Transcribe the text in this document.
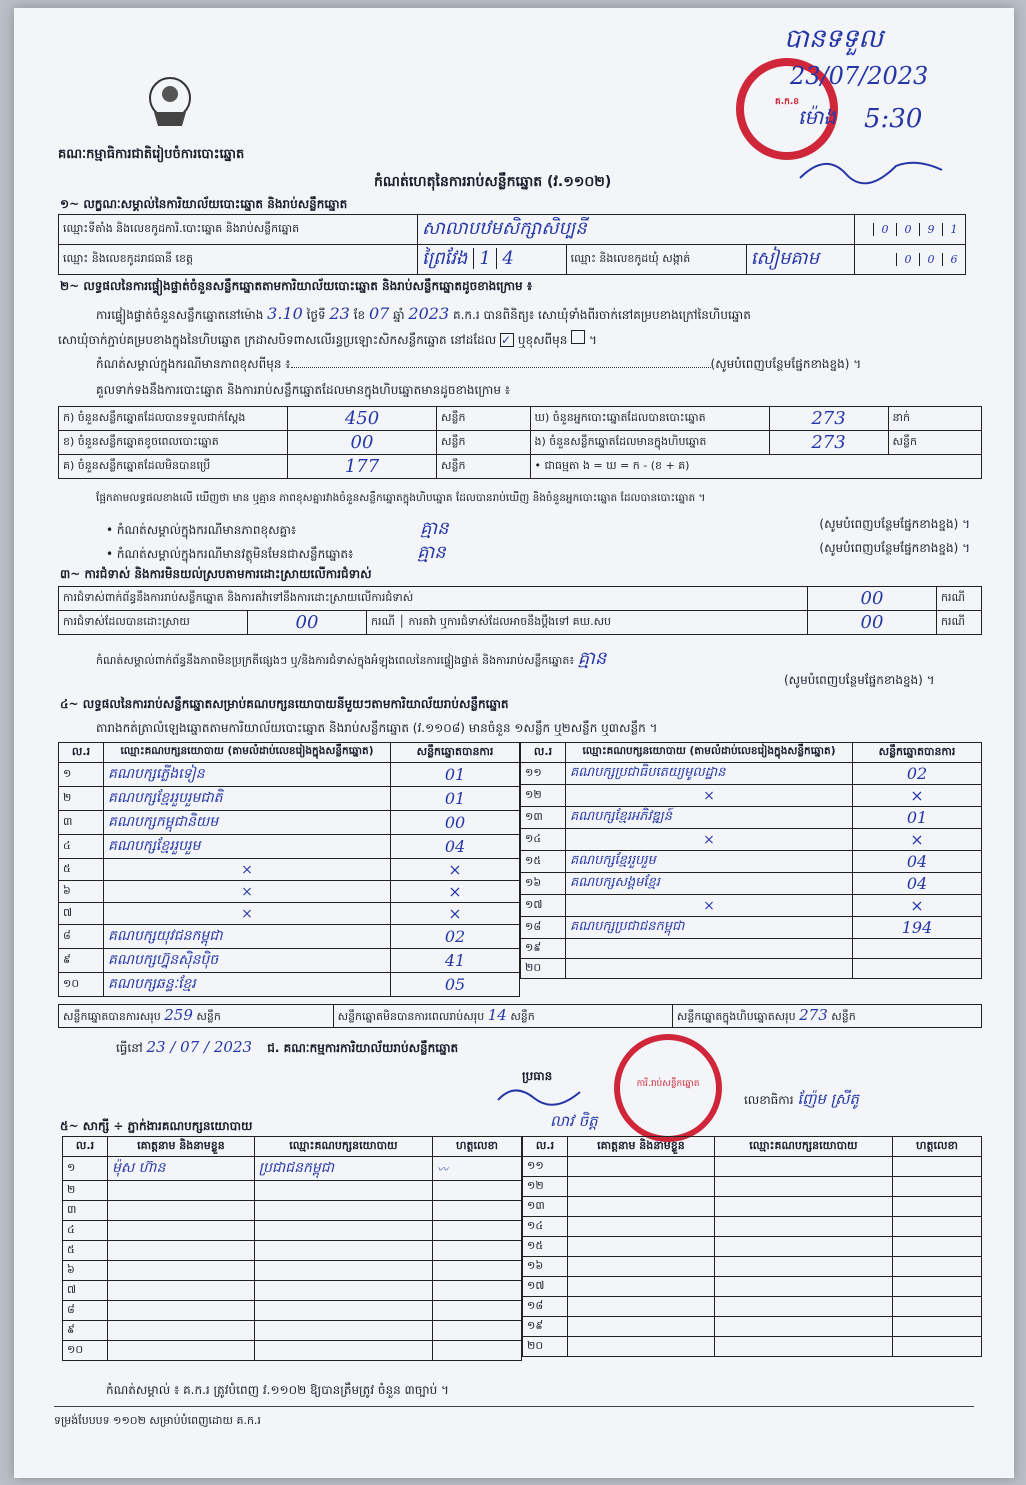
គណៈកម្មាធិការជាតិរៀបចំការបោះឆ្នោត
គ.ក.ខ
បានទទួល
23/07/2023
ម៉ោង 5:30
កំណត់ហេតុនៃការរាប់សន្លឹកឆ្នោត (វ.១១០២)
១~ លក្ខណៈសម្គាល់នៃការិយាល័យបោះឆ្នោត និងរាប់សន្លឹកឆ្នោត
ឈ្មោះទីតាំង និងលេខកូដការិ.បោះឆ្នោត និងរាប់សន្លឹកឆ្នោត	សាលាបឋមសិក្សាសិប្បនី			0 0 9 1
ឈ្មោះ និងលេខកូដរាជធានី ខេត្ត	ព្រៃវែង 1 4	ឈ្មោះ និងលេខកូដឃុំ សង្កាត់	សៀមគាម	0 0 6
២~ លទ្ធផលនៃការផ្ទៀងផ្ទាត់ចំនួនសន្លឹកឆ្នោតតាមការិយាល័យបោះឆ្នោត និងរាប់សន្លឹកឆ្នោតដូចខាងក្រោម ៖
ការផ្ទៀងផ្ទាត់ចំនួនសន្លឹកឆ្នោតនៅម៉ោង 3.10 ថ្ងៃទី 23 ខែ 07 ឆ្នាំ 2023 គ.ក.រ បានពិនិត្យ៖ សោឃុំទាំងពីរចាក់នៅគម្របខាងក្រៅនៃហិបឆ្នោត
សោឃុំចាក់ភ្ជាប់គម្របខាងក្នុងនៃហិបឆ្នោត ក្រដាសបិទពាសលើរន្ធប្រឡោះសិកសន្លឹកឆ្នោត នៅដដែល ✓ ឬខុសពីមុន  ។
កំណត់សម្គាល់ក្នុងករណីមានភាពខុសពីមុន ៖	(សូមបំពេញបន្ថែមផ្នែកខាងខ្នង) ។
គួលទាក់ទងនឹងការបោះឆ្នោត និងការរាប់សន្លឹកឆ្នោតដែលមានក្នុងហិបឆ្នោតមានដូចខាងក្រោម ៖
ក) ចំនួនសន្លឹកឆ្នោតដែលបានទទួលជាក់ស្តែង	450	សន្លឹក	ឃ) ចំនួនអ្នកបោះឆ្នោតដែលបានបោះឆ្នោត	273	នាក់
ខ) ចំនួនសន្លឹកឆ្នោតខូចពេលបោះឆ្នោត	00	សន្លឹក	ង) ចំនួនសន្លឹកឆ្នោតដែលមានក្នុងហិបឆ្នោត	273	សន្លឹក
គ) ចំនួនសន្លឹកឆ្នោតដែលមិនបានប្រើ	177	សន្លឹក	• ជាធម្មតា ង = ឃ = ក - (ខ + គ)		
ផ្អែកតាមលទ្ធផលខាងលើ ឃើញថា មាន ឬគ្មាន ភាពខុសគ្នារវាងចំនួនសន្លឹកឆ្នោតក្នុងហិបឆ្នោត ដែលបានរាប់ឃើញ និងចំនួនអ្នកបោះឆ្នោត ដែលបានបោះឆ្នោត ។
• កំណត់សម្គាល់ក្នុងករណីមានភាពខុសគ្នា៖	គ្មាន	(សូមបំពេញបន្ថែមផ្នែកខាងខ្នង) ។
• កំណត់សម្គាល់ក្នុងករណីមានវត្ថុមិនមែនជាសន្លឹកឆ្នោត៖	គ្មាន	(សូមបំពេញបន្ថែមផ្នែកខាងខ្នង) ។
៣~ ការជំទាស់ និងការមិនយល់ស្របតាមការដោះស្រាយលើការជំទាស់
ការជំទាស់ពាក់ព័ន្ធនឹងការរាប់សន្លឹកឆ្នោត និងការតវ៉ាទៅនឹងការដោះស្រាយលើការជំទាស់			00	ករណី
ការជំទាស់ដែលបានដោះស្រាយ	00	ករណី │ ការតវ៉ា ឬការជំទាស់ដែលអាចនឹងប្តឹងទៅ គឃ.សប	00	ករណី
កំណត់សម្គាល់ពាក់ព័ន្ធនឹងភាពមិនប្រក្រតីផ្សេងៗ ឬ/និងការជំទាស់ក្នុងអំឡុងពេលនៃការផ្ទៀងផ្ទាត់ និងការរាប់សន្លឹកឆ្នោត៖ គ្មាន
(សូមបំពេញបន្ថែមផ្នែកខាងខ្នង) ។
៤~ លទ្ធផលនៃការរាប់សន្លឹកឆ្នោតសម្រាប់គណបក្សនយោបាយនីមួយៗតាមការិយាល័យរាប់សន្លឹកឆ្នោត
តារាងកត់ត្រាលំឡេងឆ្នោតតាមការិយាល័យបោះឆ្នោត និងរាប់សន្លឹកឆ្នោត (វ.១១០៨) មានចំនួន ១សន្លឹក ឬ២សន្លឹក ឬ៣សន្លឹក ។
ល.រ	ឈ្មោះគណបក្សនយោបាយ (តាមលំដាប់លេខរៀងក្នុងសន្លឹកឆ្នោត)	សន្លឹកឆ្នោតបានការ
១	គណបក្សភ្លើងទៀន	01
២	គណបក្សខ្មែររួបរួមជាតិ	01
៣	គណបក្សកម្ពុជានិយម	00
៤	គណបក្សខ្មែររួបរួម	04
៥	×	×
៦	×	×
៧	×	×
៨	គណបក្សយុវជនកម្ពុជា	02
៩	គណបក្សហ្វ៊ុនស៊ិនប៉ិច	41
១០	គណបក្សឆន្ទៈខ្មែរ	05
ល.រ	ឈ្មោះគណបក្សនយោបាយ (តាមលំដាប់លេខរៀងក្នុងសន្លឹកឆ្នោត)	សន្លឹកឆ្នោតបានការ
១១	គណបក្សប្រជាធិបតេយ្យមូលដ្ឋាន	02
១២	×	×
១៣	គណបក្សខ្មែរអភិវឌ្ឍន៍	01
១៤	×	×
១៥	គណបក្សខ្មែររួបរួម	04
១៦	គណបក្សសង្គមខ្មែរ	04
១៧	×	×
១៨	គណបក្សប្រជាជនកម្ពុជា	194
១៩		
២០		
សន្លឹកឆ្នោតបានការសរុប 259 សន្លឹក	សន្លឹកឆ្នោតមិនបានការពេលរាប់សរុប 14 សន្លឹក	សន្លឹកឆ្នោតក្នុងហិបឆ្នោតសរុប 273 សន្លឹក
ធ្វើនៅ 23 / 07 / 2023 ជ. គណៈកម្មការការិយាល័យរាប់សន្លឹកឆ្នោត
ការិ.រាប់សន្លឹកឆ្នោត
ប្រធាន
លេខាធិការ ញ៉ែម ស្រីតូ
លាវ ចិត្ត
៥~ សាក្សី ÷ ភ្នាក់ងារគណបក្សនយោបាយ
ល.រ	គោត្តនាម និងនាមខ្លួន	ឈ្មោះគណបក្សនយោបាយ	ហត្ថលេខា
១	ម៉ុស ហ៊ាន	ប្រជាជនកម្ពុជា	〰
២			
៣			
៤			
៥			
៦			
៧			
៨			
៩			
១០			
ល.រ	គោត្តនាម និងនាមខ្លួន	ឈ្មោះគណបក្សនយោបាយ	ហត្ថលេខា
១១			
១២			
១៣			
១៤			
១៥			
១៦			
១៧			
១៨			
១៩			
២០			
កំណត់សម្គាល់ ៖ គ.ក.រ ត្រូវបំពេញ វ.១១០២ ឱ្យបានត្រឹមត្រូវ ចំនួន ៣ច្បាប់ ។
ទម្រង់បែបបទ ១១០២ សម្រាប់បំពេញដោយ គ.ក.រ
